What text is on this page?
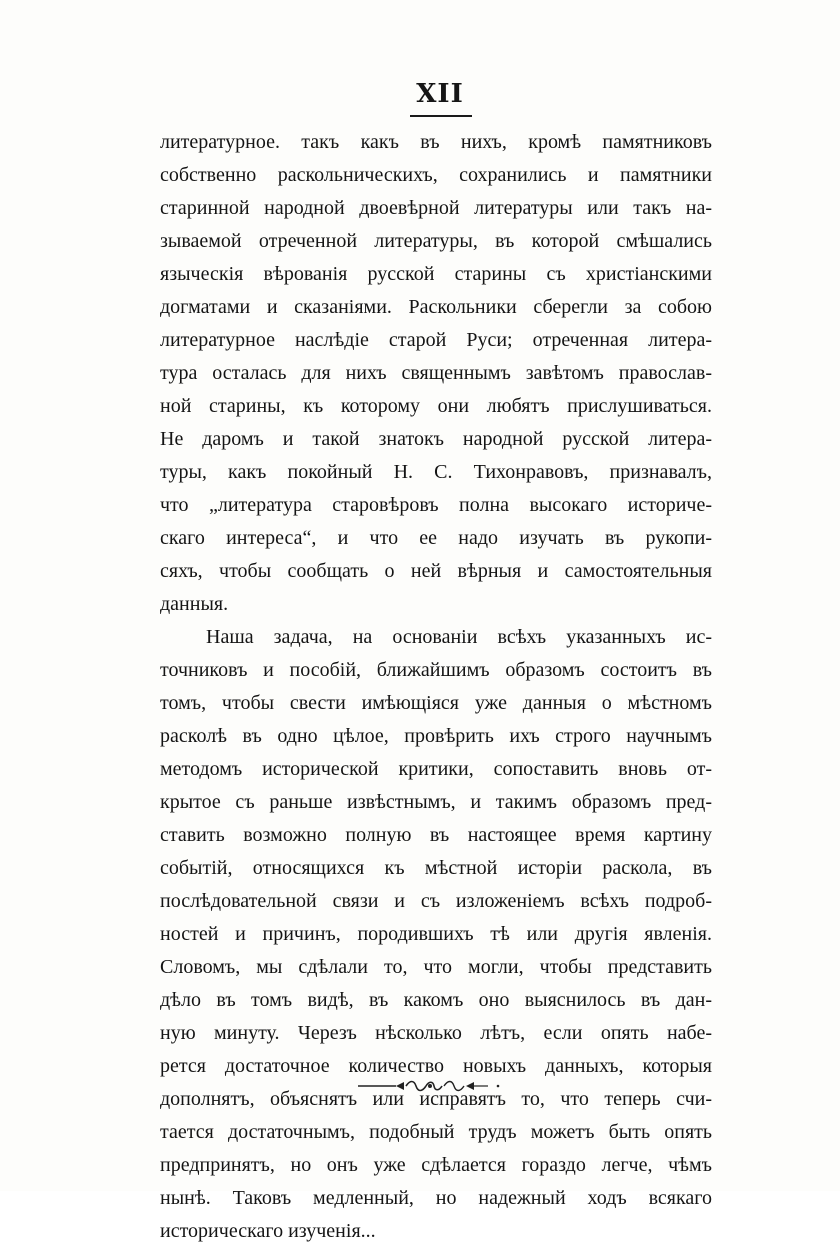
XII
литературное. такъ какъ въ нихъ, кромѣ памятниковъ
собственно раскольническихъ, сохранились и памятники
старинной народной двоевѣрной литературы или такъ на-
зываемой отреченной литературы, въ которой смѣшались
языческія вѣрованія русской старины съ христіанскими
догматами и сказаніями. Раскольники сберегли за собою
литературное наслѣдіе старой Руси; отреченная литера-
тура осталась для нихъ священнымъ завѣтомъ православ-
ной старины, къ которому они любятъ прислушиваться.
Не даромъ и такой знатокъ народной русской литера-
туры, какъ покойный Н. С. Тихонравовъ, признавалъ,
что „литература старовѣровъ полна высокаго историче-
скаго интереса“, и что ее надо изучать въ рукопи-
сяхъ, чтобы сообщать о ней вѣрныя и самостоятельныя
данныя.
Наша задача, на основаніи всѣхъ указанныхъ ис-
точниковъ и пособій, ближайшимъ образомъ состоитъ въ
томъ, чтобы свести имѣющіяся уже данныя о мѣстномъ
расколѣ въ одно цѣлое, провѣрить ихъ строго научнымъ
методомъ исторической критики, сопоставить вновь от-
крытое съ раньше извѣстнымъ, и такимъ образомъ пред-
ставить возможно полную въ настоящее время картину
событій, относящихся къ мѣстной исторіи раскола, въ
послѣдовательной связи и съ изложеніемъ всѣхъ подроб-
ностей и причинъ, породившихъ тѣ или другія явленія.
Словомъ, мы сдѣлали то, что могли, чтобы представить
дѣло въ томъ видѣ, въ какомъ оно выяснилось въ дан-
ную минуту. Черезъ нѣсколько лѣтъ, если опять набе-
рется достаточное количество новыхъ данныхъ, которыя
дополнятъ, объяснятъ или исправятъ то, что теперь счи-
тается достаточнымъ, подобный трудъ можетъ быть опять
предпринятъ, но онъ уже сдѣлается гораздо легче, чѣмъ
нынѣ. Таковъ медленный, но надежный ходъ всякаго
историческаго изученія...
